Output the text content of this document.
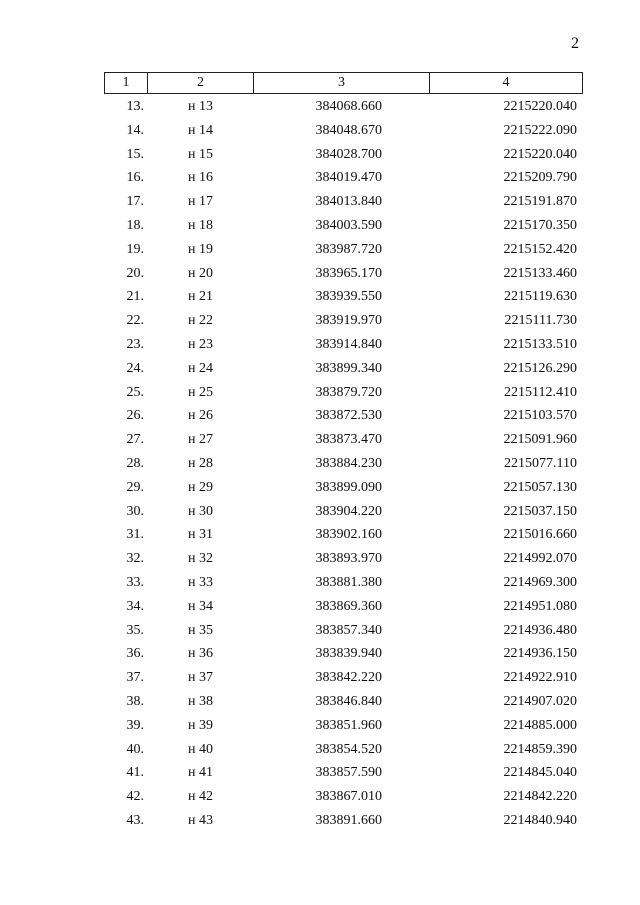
2
1	2	3	4
13.	н 13	384068.660	2215220.040
14.	н 14	384048.670	2215222.090
15.	н 15	384028.700	2215220.040
16.	н 16	384019.470	2215209.790
17.	н 17	384013.840	2215191.870
18.	н 18	384003.590	2215170.350
19.	н 19	383987.720	2215152.420
20.	н 20	383965.170	2215133.460
21.	н 21	383939.550	2215119.630
22.	н 22	383919.970	2215111.730
23.	н 23	383914.840	2215133.510
24.	н 24	383899.340	2215126.290
25.	н 25	383879.720	2215112.410
26.	н 26	383872.530	2215103.570
27.	н 27	383873.470	2215091.960
28.	н 28	383884.230	2215077.110
29.	н 29	383899.090	2215057.130
30.	н 30	383904.220	2215037.150
31.	н 31	383902.160	2215016.660
32.	н 32	383893.970	2214992.070
33.	н 33	383881.380	2214969.300
34.	н 34	383869.360	2214951.080
35.	н 35	383857.340	2214936.480
36.	н 36	383839.940	2214936.150
37.	н 37	383842.220	2214922.910
38.	н 38	383846.840	2214907.020
39.	н 39	383851.960	2214885.000
40.	н 40	383854.520	2214859.390
41.	н 41	383857.590	2214845.040
42.	н 42	383867.010	2214842.220
43.	н 43	383891.660	2214840.940
